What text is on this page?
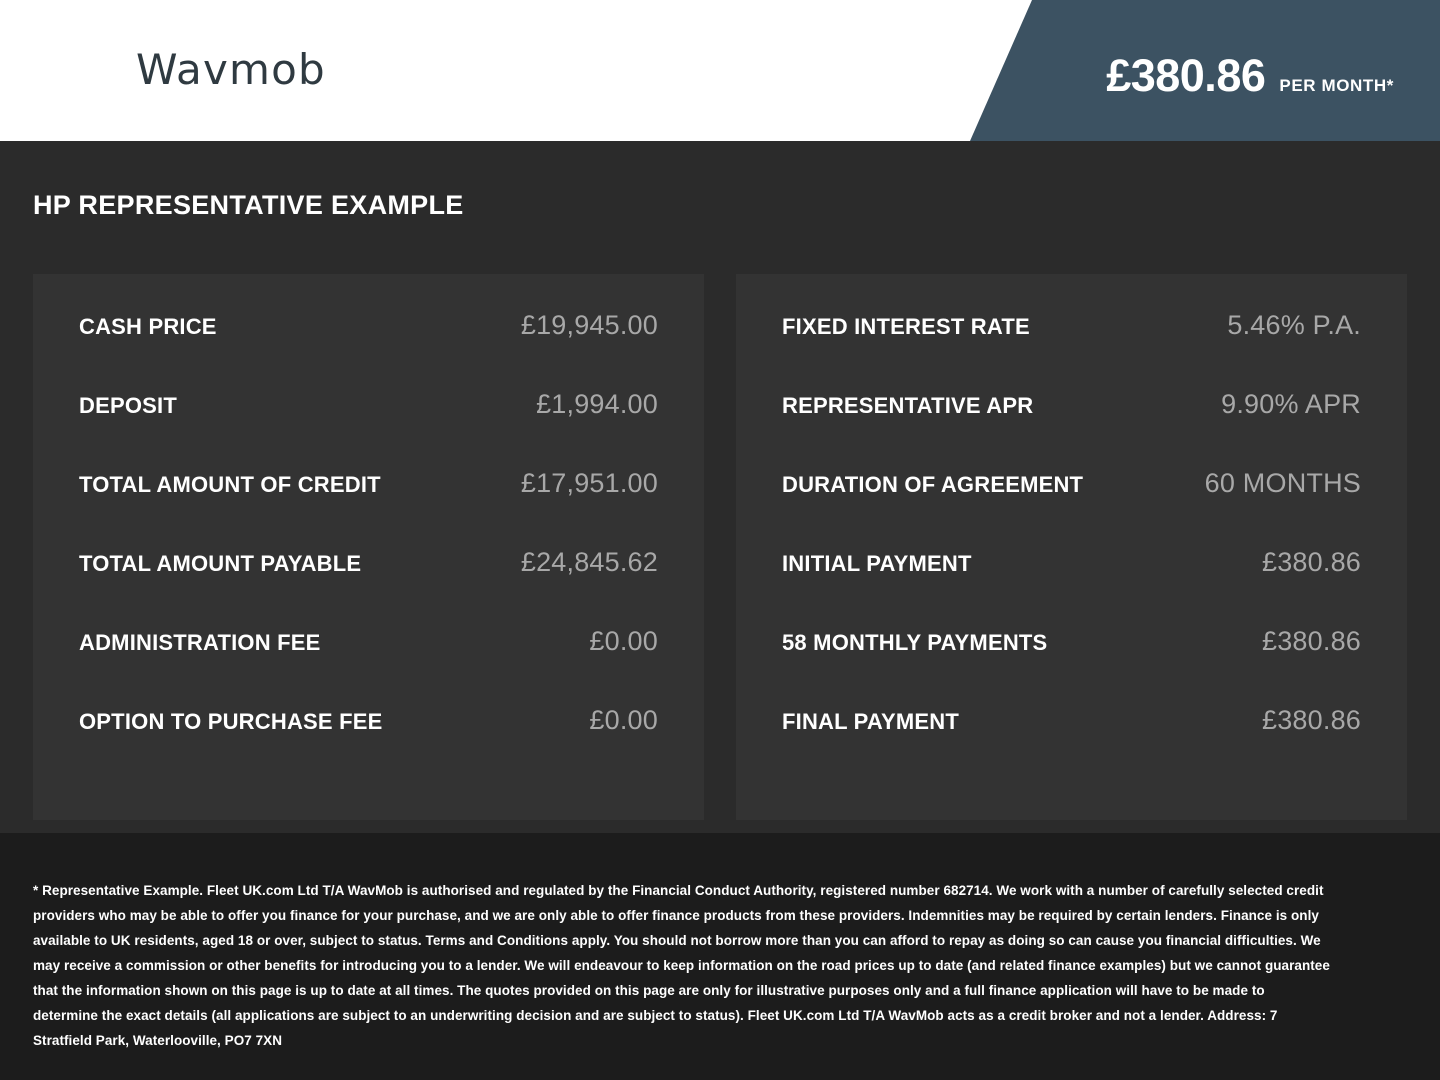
Wavmob	£380.86 PER MONTH*
HP REPRESENTATIVE EXAMPLE
CASH PRICE	£19,945.00
DEPOSIT	£1,994.00
TOTAL AMOUNT OF CREDIT	£17,951.00
TOTAL AMOUNT PAYABLE	£24,845.62
ADMINISTRATION FEE	£0.00
OPTION TO PURCHASE FEE	£0.00
FIXED INTEREST RATE	5.46% P.A.
REPRESENTATIVE APR	9.90% APR
DURATION OF AGREEMENT	60 MONTHS
INITIAL PAYMENT	£380.86
58 MONTHLY PAYMENTS	£380.86
FINAL PAYMENT	£380.86

* Representative Example. Fleet UK.com Ltd T/A WavMob is authorised and regulated by the Financial Conduct Authority, registered number 682714. We work with a number of carefully selected credit providers who may be able to offer you finance for your purchase, and we are only able to offer finance products from these providers. Indemnities may be required by certain lenders. Finance is only available to UK residents, aged 18 or over, subject to status. Terms and Conditions apply. You should not borrow more than you can afford to repay as doing so can cause you financial difficulties. We may receive a commission or other benefits for introducing you to a lender. We will endeavour to keep information on the road prices up to date (and related finance examples) but we cannot guarantee that the information shown on this page is up to date at all times. The quotes provided on this page are only for illustrative purposes only and a full finance application will have to be made to determine the exact details (all applications are subject to an underwriting decision and are subject to status). Fleet UK.com Ltd T/A WavMob acts as a credit broker and not a lender. Address: 7 Stratfield Park, Waterlooville, PO7 7XN
